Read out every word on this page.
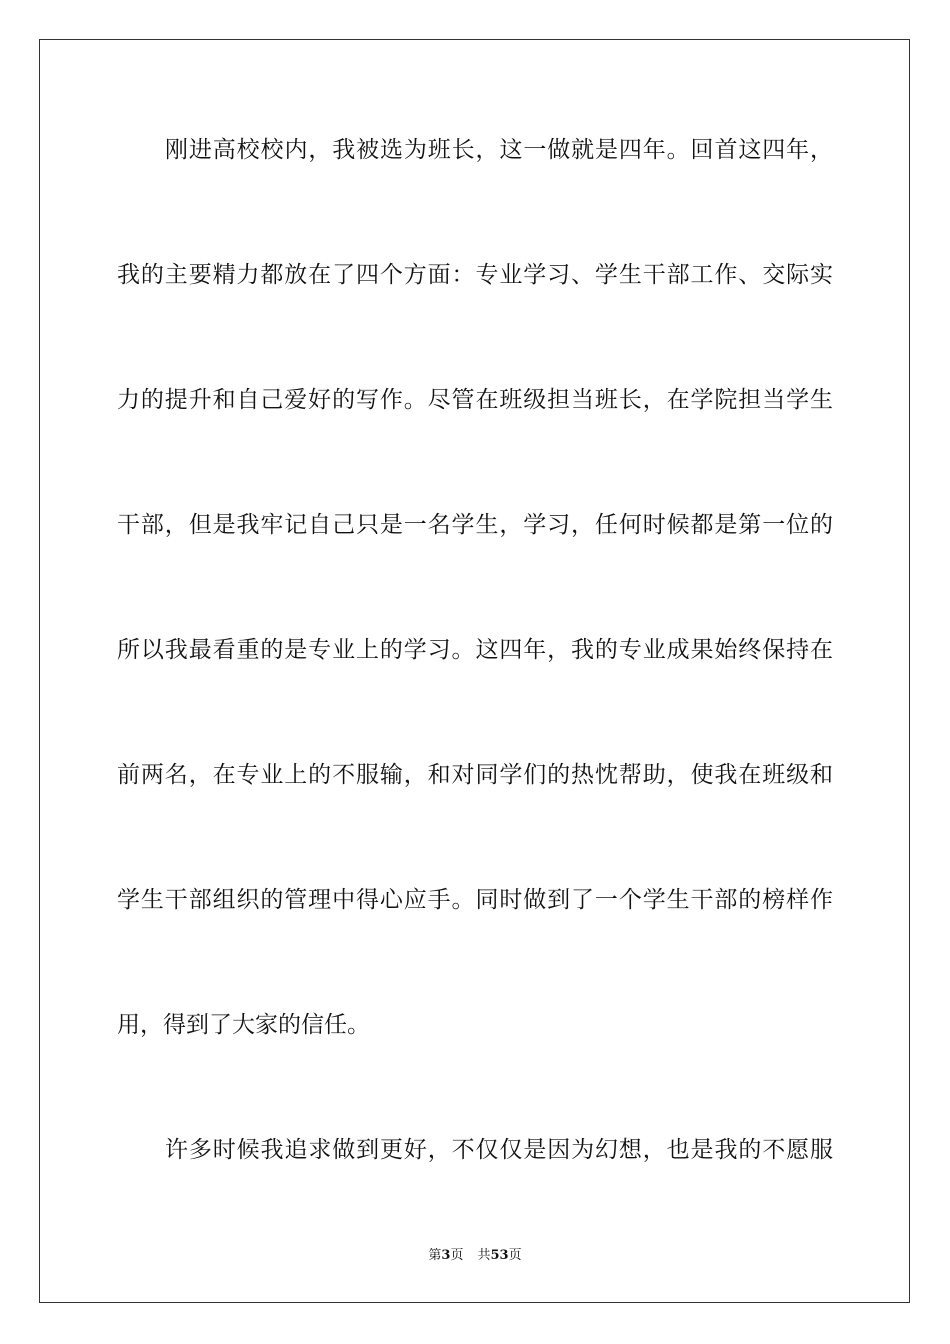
刚进高校校内，我被选为班长，这一做就是四年。回首这四年，
我的主要精力都放在了四个方面：专业学习、学生干部工作、交际实
力的提升和自己爱好的写作。尽管在班级担当班长，在学院担当学生
干部，但是我牢记自己只是一名学生，学习，任何时候都是第一位的
所以我最看重的是专业上的学习。这四年，我的专业成果始终保持在
前两名，在专业上的不服输，和对同学们的热忱帮助，使我在班级和
学生干部组织的管理中得心应手。同时做到了一个学生干部的榜样作
用，得到了大家的信任。
许多时候我追求做到更好，不仅仅是因为幻想，也是我的不愿服
第3页 共53页
